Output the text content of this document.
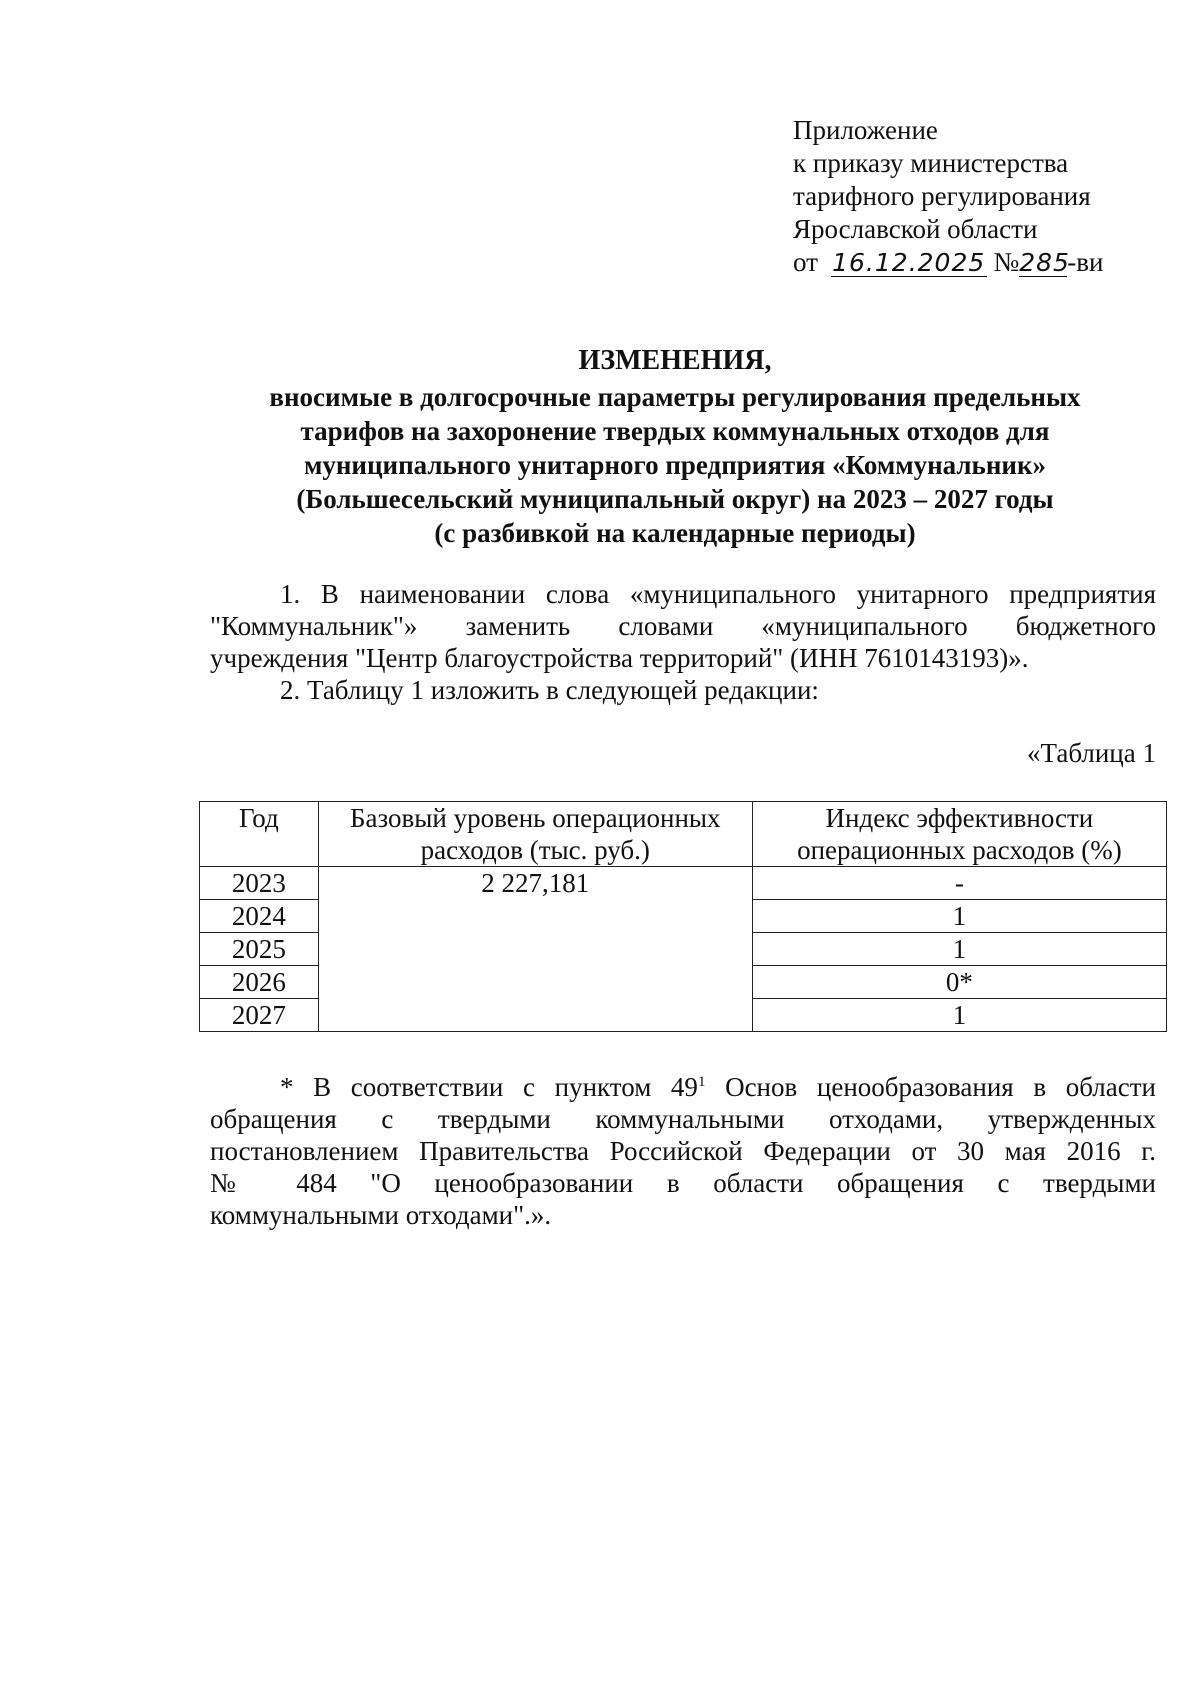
Приложение
к приказу министерства
тарифного регулирования
Ярославской области
от 16.12.2025 №285-ви
ИЗМЕНЕНИЯ,
вносимые в долгосрочные параметры регулирования предельных
тарифов на захоронение твердых коммунальных отходов для
муниципального унитарного предприятия «Коммунальник»
(Большесельский муниципальный округ) на 2023 – 2027 годы
(с разбивкой на календарные периоды)
1. В наименовании слова «муниципального унитарного предприятия
"Коммунальник"» заменить словами «муниципального бюджетного
учреждения "Центр благоустройства территорий" (ИНН 7610143193)».
2. Таблицу 1 изложить в следующей редакции:
«Таблица 1
Год	Базовый уровень операционных расходов (тыс. руб.)	Индекс эффективности операционных расходов (%)
2023	2 227,181	-
2024		1
2025		1
2026		0*
2027		1
* В соответствии с пунктом $49^1$ Основ ценообразования в области
обращения с твердыми коммунальными отходами, утвержденных
постановлением Правительства Российской Федерации от 30 мая 2016 г.
№ 484 "О ценообразовании в области обращения с твердыми
коммунальными отходами".».
